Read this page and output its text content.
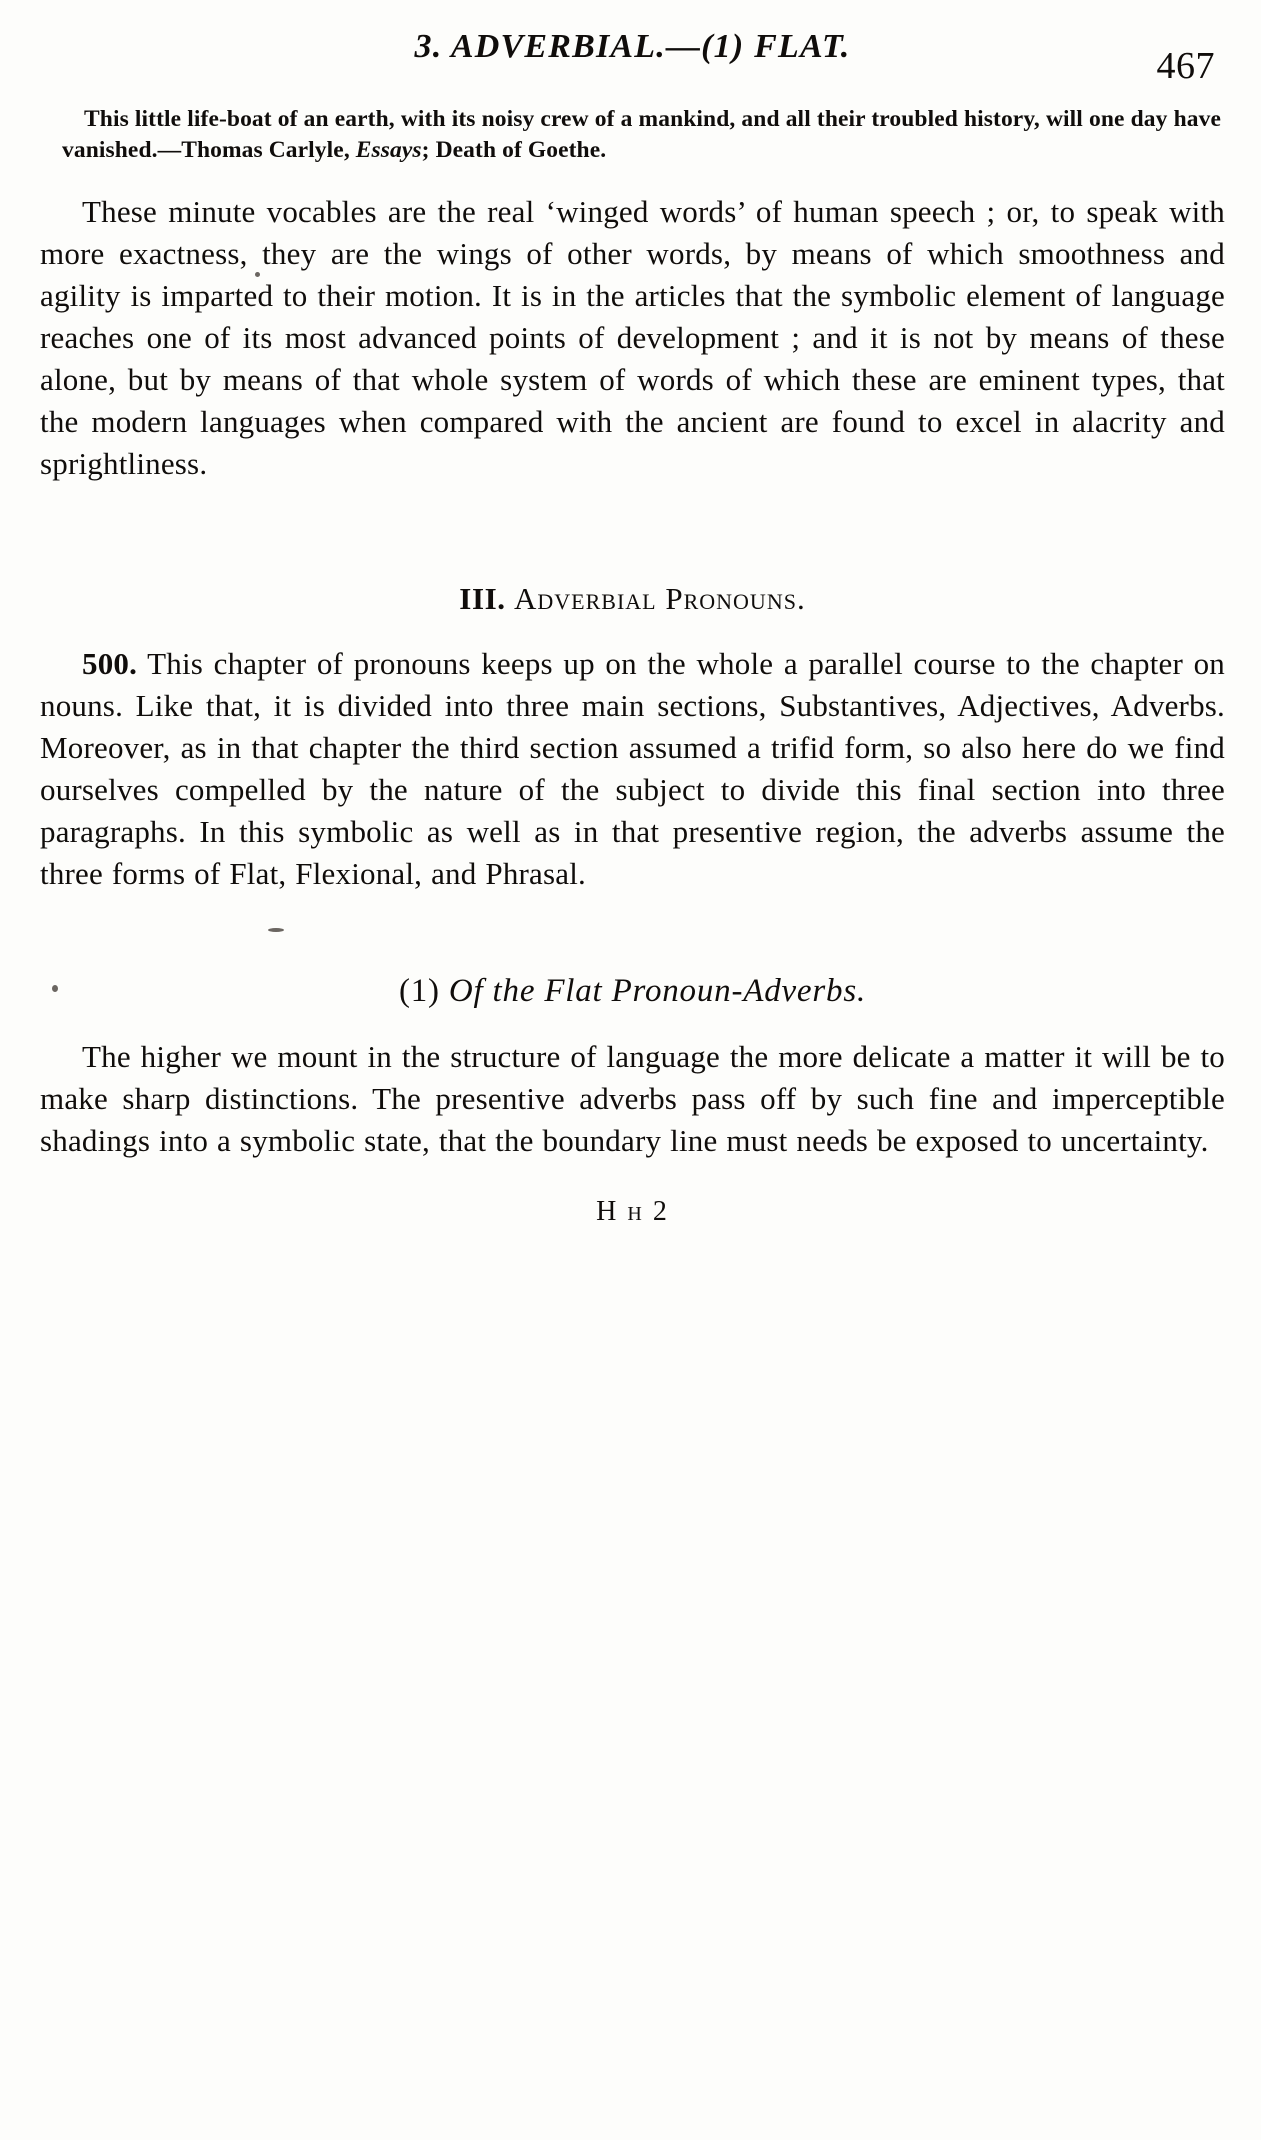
3. ADVERBIAL.—(1) FLAT.	467
This little life-boat of an earth, with its noisy crew of a mankind, and all their troubled history, will one day have vanished.—Thomas Carlyle, Essays; Death of Goethe.

These minute vocables are the real ‘winged words’ of human speech ; or, to speak with more exactness, they are the wings of other words, by means of which smoothness and agility is imparted to their motion. It is in the articles that the symbolic element of language reaches one of its most advanced points of development ; and it is not by means of these alone, but by means of that whole system of words of which these are eminent types, that the modern languages when compared with the ancient are found to excel in alacrity and sprightliness.

III. Adverbial Pronouns.

500. This chapter of pronouns keeps up on the whole a parallel course to the chapter on nouns. Like that, it is divided into three main sections, Substantives, Adjectives, Adverbs. Moreover, as in that chapter the third section assumed a trifid form, so also here do we find ourselves compelled by the nature of the subject to divide this final section into three paragraphs. In this symbolic as well as in that presentive region, the adverbs assume the three forms of Flat, Flexional, and Phrasal.

(1) Of the Flat Pronoun-Adverbs.

The higher we mount in the structure of language the more delicate a matter it will be to make sharp distinctions. The presentive adverbs pass off by such fine and imperceptible shadings into a symbolic state, that the boundary line must needs be exposed to uncertainty.

H h 2
